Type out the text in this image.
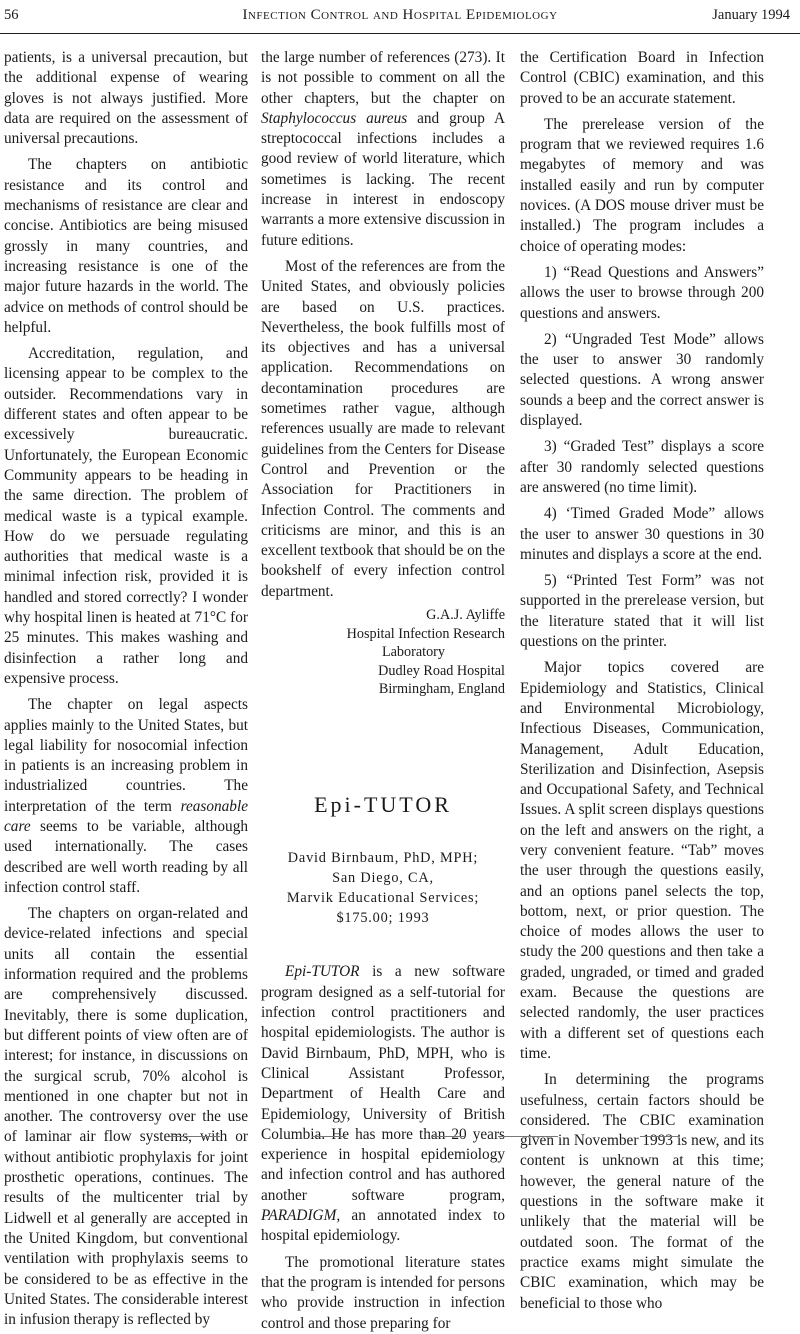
56	Infection Control and Hospital Epidemiology	January 1994

patients, is a universal precaution, but the additional expense of wearing gloves is not always justified. More data are required on the assessment of universal precautions.

The chapters on antibiotic resistance and its control and mechanisms of resistance are clear and concise. Antibiotics are being misused grossly in many countries, and increasing resistance is one of the major future hazards in the world. The advice on methods of control should be helpful.

Accreditation, regulation, and licensing appear to be complex to the outsider. Recommendations vary in different states and often appear to be excessively bureaucratic. Unfortunately, the European Economic Community appears to be heading in the same direction. The problem of medical waste is a typical example. How do we persuade regulating authorities that medical waste is a minimal infection risk, provided it is handled and stored correctly? I wonder why hospital linen is heated at 71°C for 25 minutes. This makes washing and disinfection a rather long and expensive process.

The chapter on legal aspects applies mainly to the United States, but legal liability for nosocomial infection in patients is an increasing problem in industrialized countries. The interpretation of the term reasonable care seems to be variable, although used internationally. The cases described are well worth reading by all infection control staff.

The chapters on organ-related and device-related infections and special units all contain the essential information required and the problems are comprehensively discussed. Inevitably, there is some duplication, but different points of view often are of interest; for instance, in discussions on the surgical scrub, 70% alcohol is mentioned in one chapter but not in another. The controversy over the use of laminar air flow systems, with or without antibiotic prophylaxis for joint prosthetic operations, continues. The results of the multicenter trial by Lidwell et al generally are accepted in the United Kingdom, but conventional ventilation with prophylaxis seems to be considered to be as effective in the United States. The considerable interest in infusion therapy is reflected by

the large number of references (273). It is not possible to comment on all the other chapters, but the chapter on Staphylococcus aureus and group A streptococcal infections includes a good review of world literature, which sometimes is lacking. The recent increase in interest in endoscopy warrants a more extensive discussion in future editions.

Most of the references are from the United States, and obviously policies are based on U.S. practices. Nevertheless, the book fulfills most of its objectives and has a universal application. Recommendations on decontamination procedures are sometimes rather vague, although references usually are made to relevant guidelines from the Centers for Disease Control and Prevention or the Association for Practitioners in Infection Control. The comments and criticisms are minor, and this is an excellent textbook that should be on the bookshelf of every infection control department.

G.A.J. Ayliffe
Hospital Infection Research
Laboratory
Dudley Road Hospital
Birmingham, England
Epi-TUTOR
David Birnbaum, PhD, MPH;
San Diego, CA,
Marvik Educational Services;
$175.00; 1993

Epi-TUTOR is a new software program designed as a self-tutorial for infection control practitioners and hospital epidemiologists. The author is David Birnbaum, PhD, MPH, who is Clinical Assistant Professor, Department of Health Care and Epidemiology, University of British Columbia. He has more than 20 years experience in hospital epidemiology and infection control and has authored another software program, PARADIGM, an annotated index to hospital epidemiology.

The promotional literature states that the program is intended for persons who provide instruction in infection control and those preparing for

the Certification Board in Infection Control (CBIC) examination, and this proved to be an accurate statement.

The prerelease version of the program that we reviewed requires 1.6 megabytes of memory and was installed easily and run by computer novices. (A DOS mouse driver must be installed.) The program includes a choice of operating modes:

1) “Read Questions and Answers” allows the user to browse through 200 questions and answers.

2) “Ungraded Test Mode” allows the user to answer 30 randomly selected questions. A wrong answer sounds a beep and the correct answer is displayed.

3) “Graded Test” displays a score after 30 randomly selected questions are answered (no time limit).

4) ‘Timed Graded Mode” allows the user to answer 30 questions in 30 minutes and displays a score at the end.

5) “Printed Test Form” was not supported in the prerelease version, but the literature stated that it will list questions on the printer.

Major topics covered are Epidemiology and Statistics, Clinical and Environmental Microbiology, Infectious Diseases, Communication, Management, Adult Education, Sterilization and Disinfection, Asepsis and Occupational Safety, and Technical Issues. A split screen displays questions on the left and answers on the right, a very convenient feature. “Tab” moves the user through the questions easily, and an options panel selects the top, bottom, next, or prior question. The choice of modes allows the user to study the 200 questions and then take a graded, ungraded, or timed and graded exam. Because the questions are selected randomly, the user practices with a different set of questions each time.

In determining the programs usefulness, certain factors should be considered. The CBIC examination given in November 1993 is new, and its content is unknown at this time; however, the general nature of the questions in the software make it unlikely that the material will be outdated soon. The format of the practice exams might simulate the CBIC examination, which may be beneficial to those who
